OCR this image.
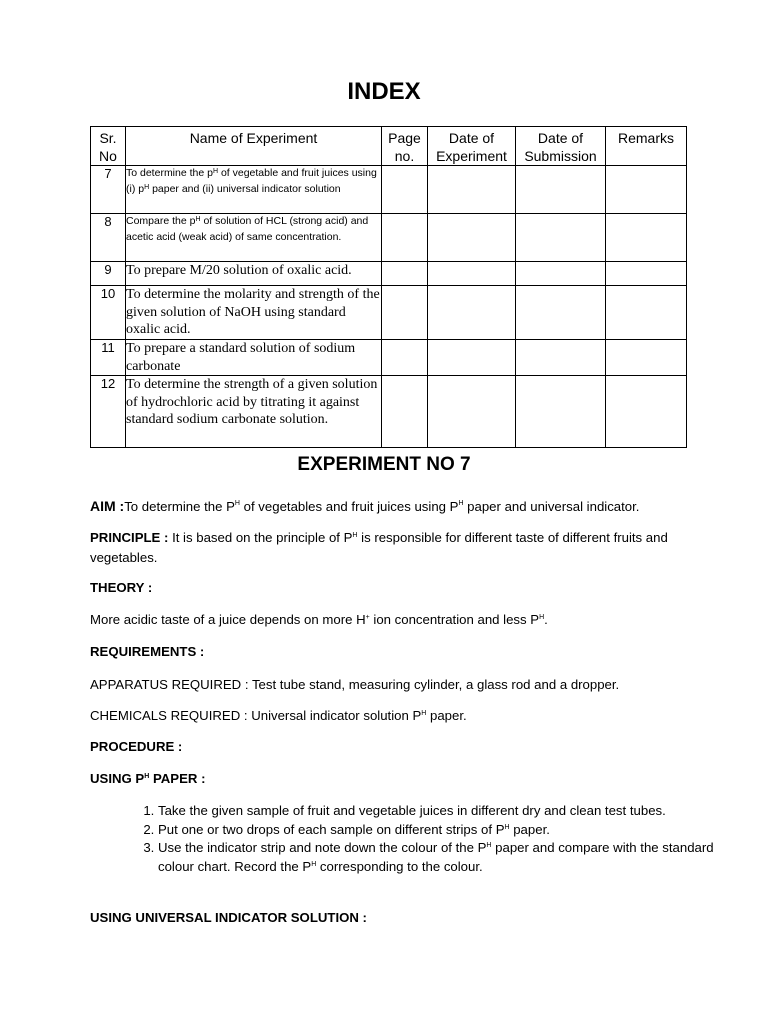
INDEX
Sr. No	Name of Experiment	Page no.	Date of Experiment	Date of Submission	Remarks
7	To determine the $p^H$ of vegetable and fruit juices using (i) $p^H$ paper and (ii) universal indicator solution				
8	Compare the $p^H$ of solution of HCL (strong acid) and acetic acid (weak acid) of same concentration.				
9	To prepare M/20 solution of oxalic acid.				
10	To determine the molarity and strength of the given solution of NaOH using standard oxalic acid.				
11	To prepare a standard solution of sodium carbonate				
12	To determine the strength of a given solution of hydrochloric acid by titrating it against standard sodium carbonate solution.				
EXPERIMENT NO 7
AIM :To determine the $P^H$ of vegetables and fruit juices using $P^H$ paper and universal indicator.
PRINCIPLE : It is based on the principle of $P^H$ is responsible for different taste of different fruits and vegetables.
THEORY :
More acidic taste of a juice depends on more H+ ion concentration and less $P^H$.
REQUIREMENTS :
APPARATUS REQUIRED : Test tube stand, measuring cylinder, a glass rod and a dropper.
CHEMICALS REQUIRED : Universal indicator solution $P^H$ paper.
PROCEDURE :
USING $P^H$ PAPER :
1. Take the given sample of fruit and vegetable juices in different dry and clean test tubes.
2. Put one or two drops of each sample on different strips of $P^H$ paper.
3. Use the indicator strip and note down the colour of the $P^H$ paper and compare with the standard colour chart. Record the $P^H$ corresponding to the colour.
USING UNIVERSAL INDICATOR SOLUTION :
